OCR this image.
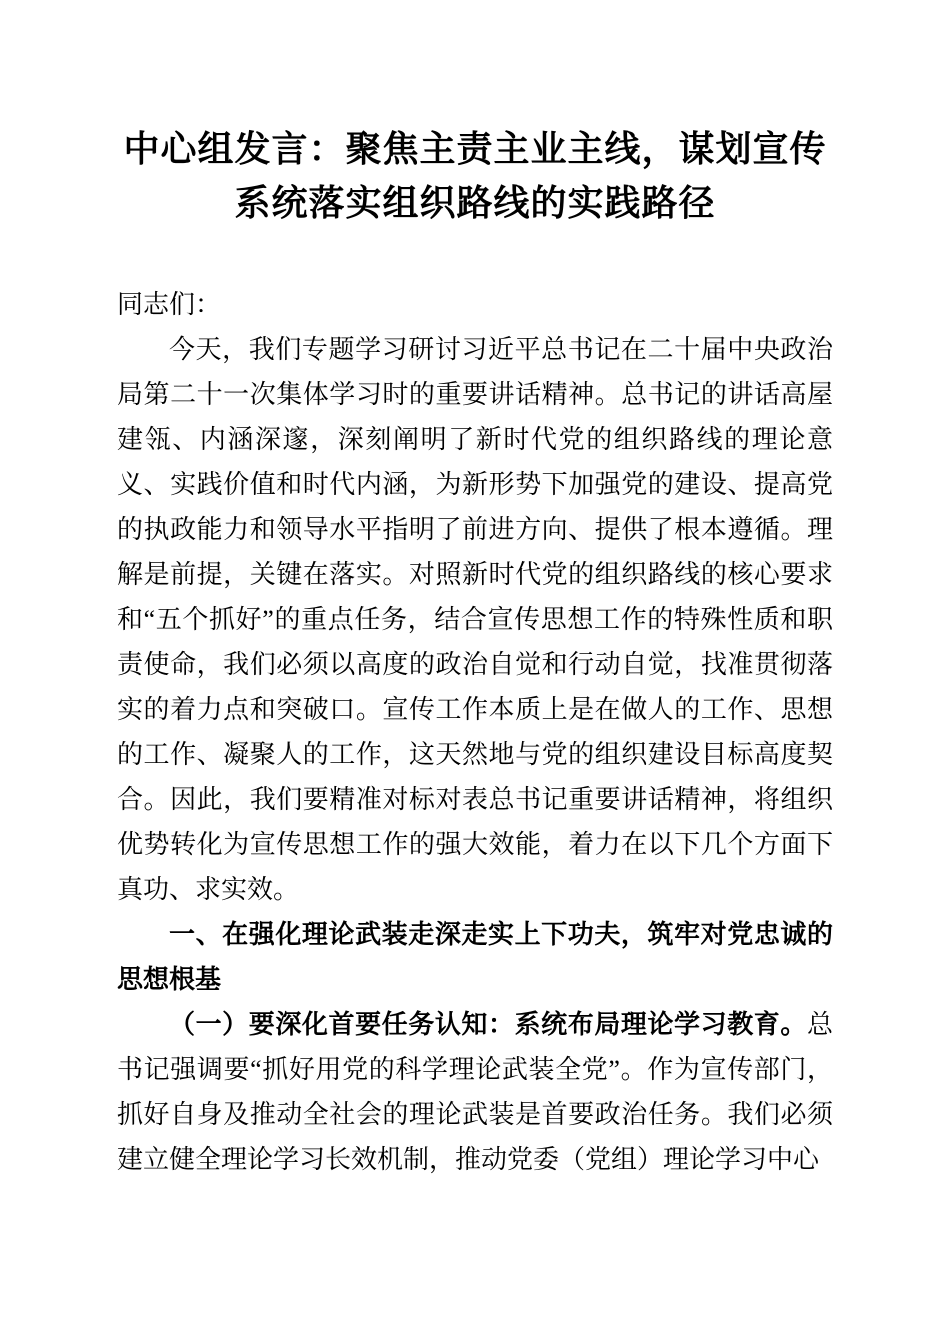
中心组发言：聚焦主责主业主线，谋划宣传系统落实组织路线的实践路径

同志们：

今天，我们专题学习研讨习近平总书记在二十届中央政治局第二十一次集体学习时的重要讲话精神。总书记的讲话高屋建瓴、内涵深邃，深刻阐明了新时代党的组织路线的理论意义、实践价值和时代内涵，为新形势下加强党的建设、提高党的执政能力和领导水平指明了前进方向、提供了根本遵循。理解是前提，关键在落实。对照新时代党的组织路线的核心要求和“五个抓好”的重点任务，结合宣传思想工作的特殊性质和职责使命，我们必须以高度的政治自觉和行动自觉，找准贯彻落实的着力点和突破口。宣传工作本质上是在做人的工作、思想的工作、凝聚人的工作，这天然地与党的组织建设目标高度契合。因此，我们要精准对标对表总书记重要讲话精神，将组织优势转化为宣传思想工作的强大效能，着力在以下几个方面下真功、求实效。

一、在强化理论武装走深走实上下功夫，筑牢对党忠诚的思想根基

（一）要深化首要任务认知：系统布局理论学习教育。总书记强调要“抓好用党的科学理论武装全党”。作为宣传部门，抓好自身及推动全社会的理论武装是首要政治任务。我们必须建立健全理论学习长效机制，推动党委（党组）理论学习中心
